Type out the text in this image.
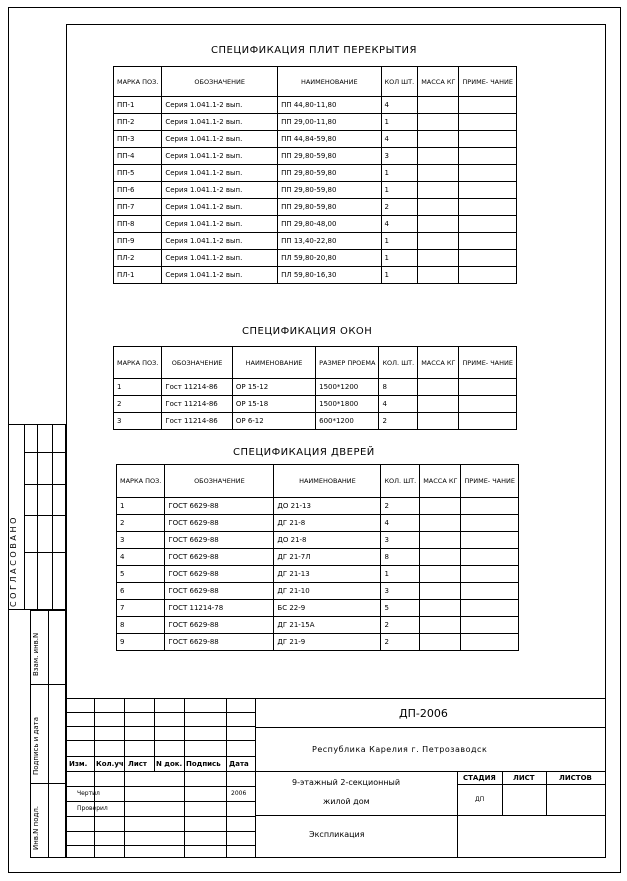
СПЕЦИФИКАЦИЯ ПЛИТ ПЕРЕКРЫТИЯ
МАРКА ПОЗ.	ОБОЗНАЧЕНИЕ	НАИМЕНОВАНИЕ	КОЛ ШТ.	МАССА КГ	ПРИМЕ- ЧАНИЕ
ПП-1	Серия 1.041.1-2 вып.	ПП 44,80-11,80	4		
ПП-2	Серия 1.041.1-2 вып.	ПП 29,00-11,80	1		
ПП-3	Серия 1.041.1-2 вып.	ПП 44,84-59,80	4		
ПП-4	Серия 1.041.1-2 вып.	ПП 29,80-59,80	3		
ПП-5	Серия 1.041.1-2 вып.	ПП 29,80-59,80	1		
ПП-6	Серия 1.041.1-2 вып.	ПП 29,80-59,80	1		
ПП-7	Серия 1.041.1-2 вып.	ПП 29,80-59,80	2		
ПП-8	Серия 1.041.1-2 вып.	ПП 29,80-48,00	4		
ПП-9	Серия 1.041.1-2 вып.	ПП 13,40-22,80	1		
ПЛ-2	Серия 1.041.1-2 вып.	ПЛ 59,80-20,80	1		
ПЛ-1	Серия 1.041.1-2 вып.	ПЛ 59,80-16,30	1		
СПЕЦИФИКАЦИЯ ОКОН
МАРКА ПОЗ.	ОБОЗНАЧЕНИЕ	НАИМЕНОВАНИЕ	РАЗМЕР ПРОЕМА	КОЛ. ШТ.	МАССА КГ	ПРИМЕ- ЧАНИЕ
1	Гост 11214-86	ОР 15-12	1500*1200	8		
2	Гост 11214-86	ОР 15-18	1500*1800	4		
3	Гост 11214-86	ОР 6-12	600*1200	2		
СПЕЦИФИКАЦИЯ ДВЕРЕЙ
МАРКА ПОЗ.	ОБОЗНАЧЕНИЕ	НАИМЕНОВАНИЕ	КОЛ. ШТ.	МАССА КГ	ПРИМЕ- ЧАНИЕ
1	ГОСТ 6629-88	ДО 21-13	2		
2	ГОСТ 6629-88	ДГ 21-8	4		
3	ГОСТ 6629-88	ДО 21-8	3		
4	ГОСТ 6629-88	ДГ 21-7Л	8		
5	ГОСТ 6629-88	ДГ 21-13	1		
6	ГОСТ 6629-88	ДГ 21-10	3		
7	ГОСТ 11214-78	БС 22-9	5		
8	ГОСТ 6629-88	ДГ 21-15А	2		
9	ГОСТ 6629-88	ДГ 21-9	2		
СОГЛАСОВАНО
Взам. инв.N
Подпись и дата
Инв.N подл.
Изм. Кол.уч Лист N док. Подпись Дата
Чертил	2006
Проверил
ДП-2006
Республика Карелия г. Петрозаводск
9-этажный 2-секционный
жилой дом
Экспликация
СТАДИЯ ЛИСТ	ЛИСТОВ
ДП
